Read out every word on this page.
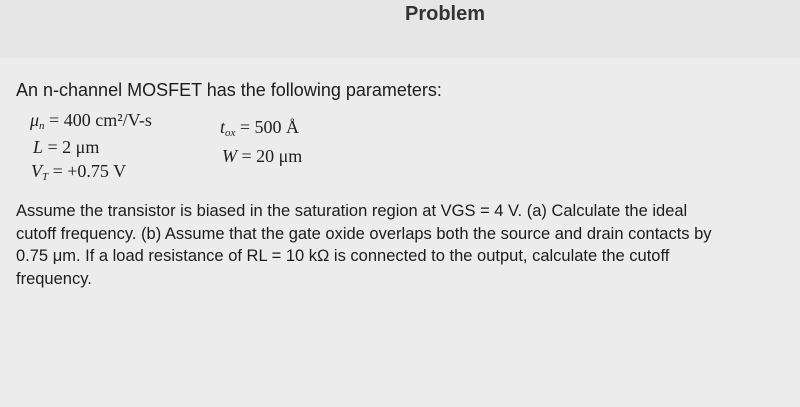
Problem
An n-channel MOSFET has the following parameters:
μn = 400 cm²/V-s	tox = 500 Å
L = 2 μm	W = 20 μm
VT = +0.75 V
Assume the transistor is biased in the saturation region at VGS = 4 V. (a) Calculate the ideal
cutoff frequency. (b) Assume that the gate oxide overlaps both the source and drain contacts by
0.75 μm. If a load resistance of RL = 10 kΩ is connected to the output, calculate the cutoff
frequency.
